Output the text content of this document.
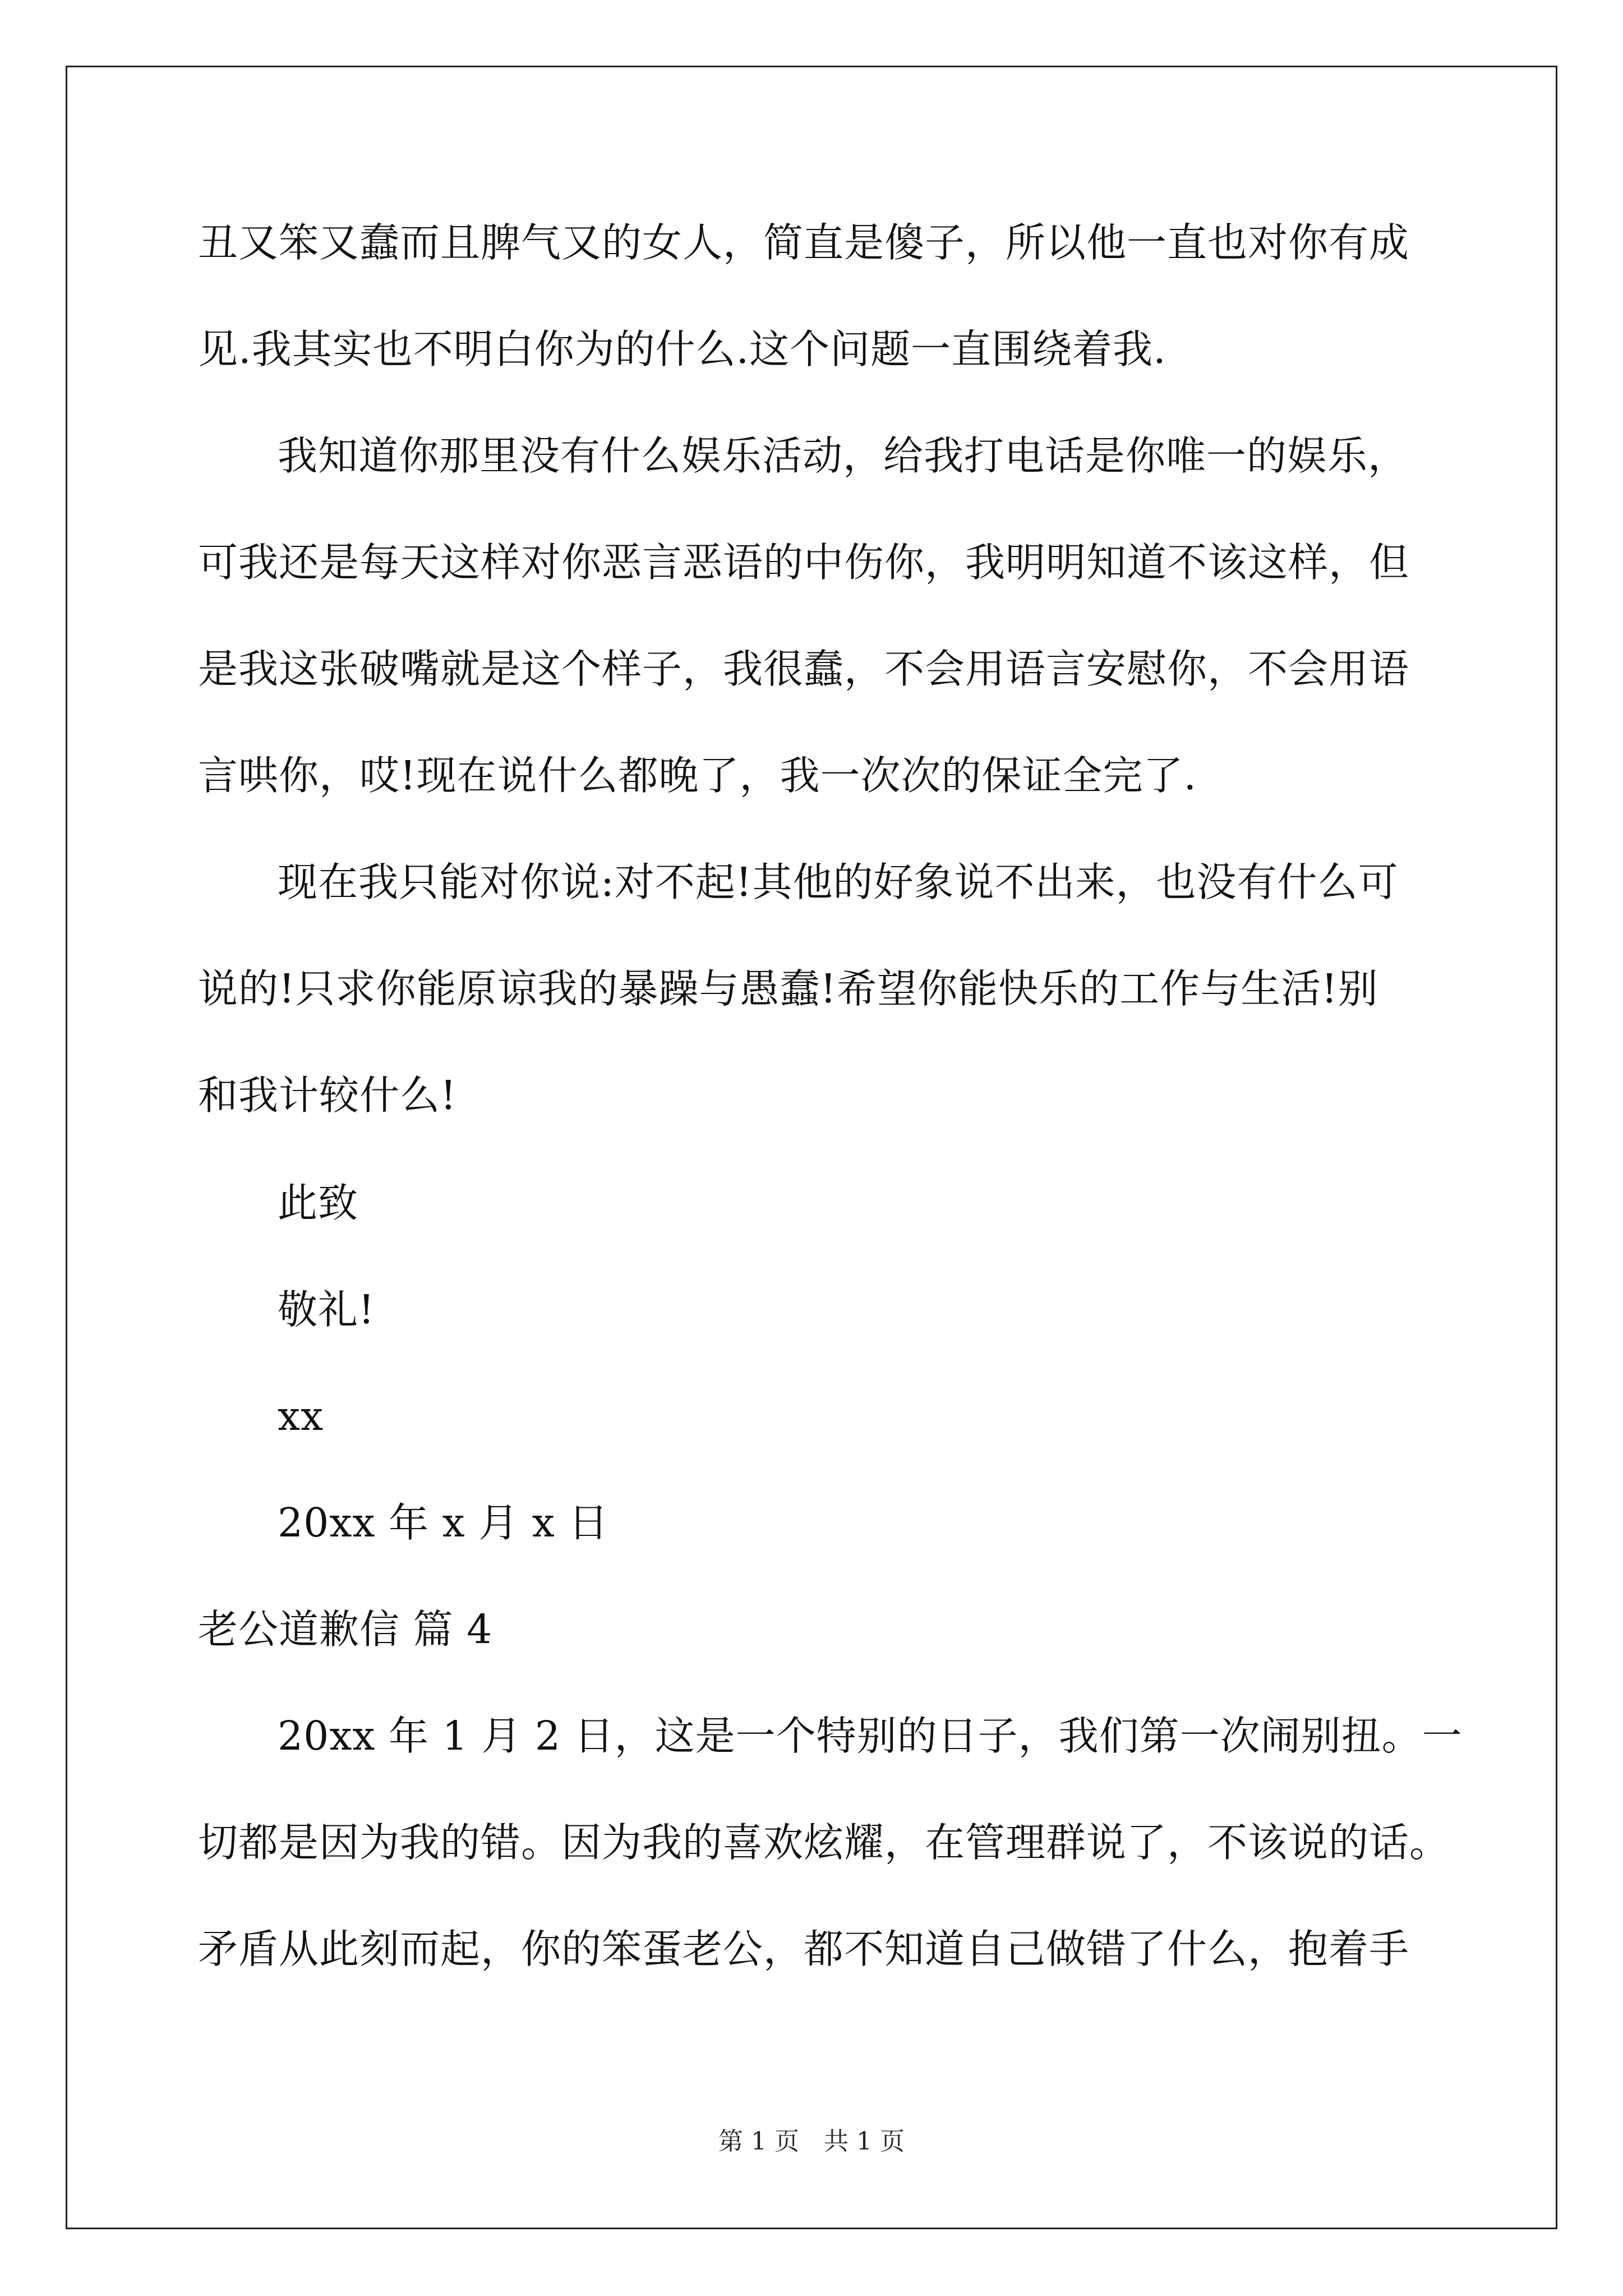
丑又笨又蠢而且脾气又的女人，简直是傻子，所以他一直也对你有成
见.我其实也不明白你为的什么.这个问题一直围绕着我.
我知道你那里没有什么娱乐活动，给我打电话是你唯一的娱乐，
可我还是每天这样对你恶言恶语的中伤你，我明明知道不该这样，但
是我这张破嘴就是这个样子，我很蠢，不会用语言安慰你，不会用语
言哄你，哎!现在说什么都晚了，我一次次的保证全完了.
现在我只能对你说:对不起!其他的好象说不出来，也没有什么可
说的!只求你能原谅我的暴躁与愚蠢!希望你能快乐的工作与生活!别
和我计较什么!
此致
敬礼!
xx
20xx 年 x 月 x 日
老公道歉信 篇 4
20xx 年 1 月 2 日，这是一个特别的日子，我们第一次闹别扭。一
切都是因为我的错。因为我的喜欢炫耀，在管理群说了，不该说的话。
矛盾从此刻而起，你的笨蛋老公，都不知道自己做错了什么，抱着手
第 1 页　共 1 页
